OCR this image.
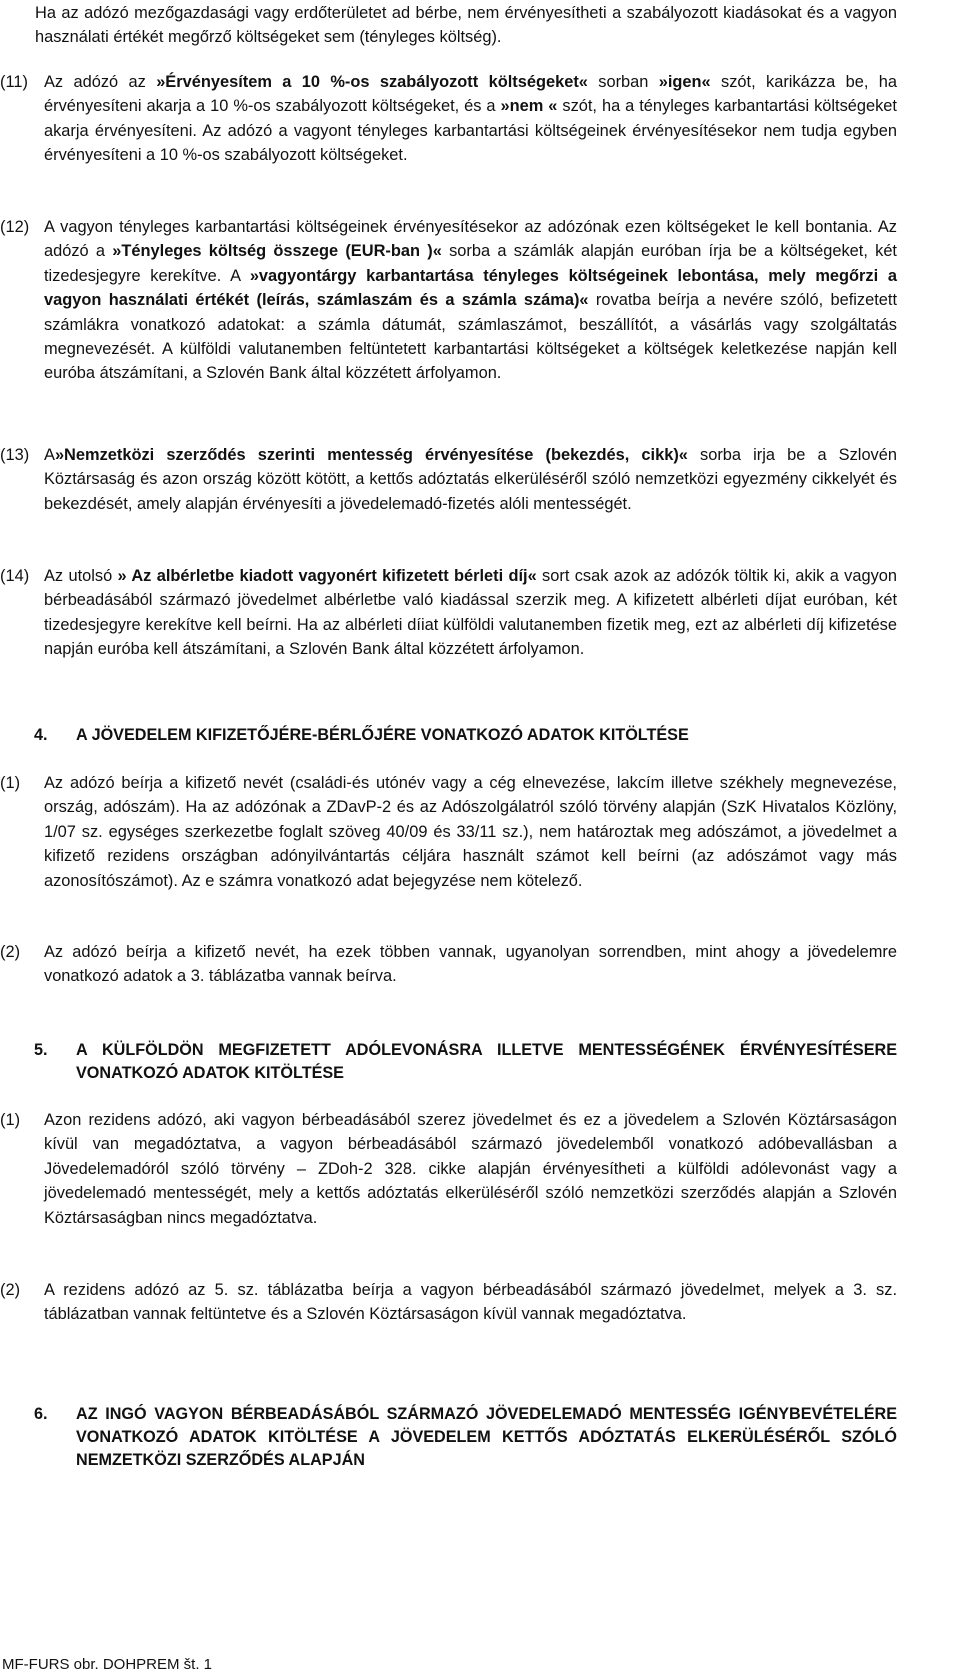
Ha az adózó mezőgazdasági vagy erdőterületet ad bérbe, nem érvényesítheti a szabályozott kiadásokat és a vagyon használati értékét megőrző költségeket sem (tényleges költség).
(11) Az adózó az »Érvényesítem a 10 %-os szabályozott költségeket« sorban »igen« szót, karikázza be, ha érvényesíteni akarja a 10 %-os szabályozott költségeket, és a »nem « szót, ha a tényleges karbantartási költségeket akarja érvényesíteni. Az adózó a vagyont tényleges karbantartási költségeinek érvényesítésekor nem tudja egyben érvényesíteni a 10 %-os szabályozott költségeket.
(12) A vagyon tényleges karbantartási költségeinek érvényesítésekor az adózónak ezen költségeket le kell bontania. Az adózó a »Tényleges költség összege (EUR-ban )« sorba a számlák alapján euróban írja be a költségeket, két tizedesjegyre kerekítve. A »vagyontárgy karbantartása tényleges költségeinek lebontása, mely megőrzi a vagyon használati értékét (leírás, számlaszám és a számla száma)« rovatba beírja a nevére szóló, befizetett számlákra vonatkozó adatokat: a számla dátumát, számlaszámot, beszállítót, a vásárlás vagy szolgáltatás megnevezését. A külföldi valutanemben feltüntetett karbantartási költségeket a költségek keletkezése napján kell euróba átszámítani, a Szlovén Bank által közzétett árfolyamon.
(13) A»Nemzetközi szerződés szerinti mentesség érvényesítése (bekezdés, cikk)« sorba irja be a Szlovén Köztársaság és azon ország között kötött, a kettős adóztatás elkerüléséről szóló nemzetközi egyezmény cikkelyét és bekezdését, amely alapján érvényesíti a jövedelemadó-fizetés alóli mentességét.
(14) Az utolsó » Az albérletbe kiadott vagyonért kifizetett bérleti díj« sort csak azok az adózók töltik ki, akik a vagyon bérbeadásából származó jövedelmet albérletbe való kiadással szerzik meg. A kifizetett albérleti díjat euróban, két tizedesjegyre kerekítve kell beírni. Ha az albérleti díiat külföldi valutanemben fizetik meg, ezt az albérleti díj kifizetése napján euróba kell átszámítani, a Szlovén Bank által közzétett árfolyamon.
4.	A JÖVEDELEM KIFIZETŐJÉRE-BÉRLŐJÉRE VONATKOZÓ ADATOK KITÖLTÉSE
(1)	Az adózó beírja a kifizető nevét (családi-és utónév vagy a cég elnevezése, lakcím illetve székhely megnevezése, ország, adószám). Ha az adózónak a ZDavP-2 és az Adószolgálatról szóló törvény alapján (SzK Hivatalos Közlöny, 1/07 sz. egységes szerkezetbe foglalt szöveg 40/09 és 33/11 sz.), nem határoztak meg adószámot, a jövedelmet a kifizető rezidens országban adónyilvántartás céljára használt számot kell beírni (az adószámot vagy más azonosítószámot). Az e számra vonatkozó adat bejegyzése nem kötelező.
(2)	Az adózó beírja a kifizető nevét, ha ezek többen vannak, ugyanolyan sorrendben, mint ahogy a jövedelemre vonatkozó adatok a 3. táblázatba vannak beírva.
5.	A KÜLFÖLDÖN MEGFIZETETT ADÓLEVONÁSRA ILLETVE MENTESSÉGÉNEK ÉRVÉNYESÍTÉSERE VONATKOZÓ ADATOK KITÖLTÉSE
(1)	Azon rezidens adózó, aki vagyon bérbeadásából szerez jövedelmet és ez a jövedelem a Szlovén Köztársaságon kívül van megadóztatva, a vagyon bérbeadásából származó jövedelemből vonatkozó adóbevallásban a Jövedelemadóról szóló törvény – ZDoh-2 328. cikke alapján érvényesítheti a külföldi adólevonást vagy a jövedelemadó mentességét, mely a kettős adóztatás elkerüléséről szóló nemzetközi szerződés alapján a Szlovén Köztársaságban nincs megadóztatva.
(2)	A rezidens adózó az 5. sz. táblázatba beírja a vagyon bérbeadásából származó jövedelmet, melyek a 3. sz. táblázatban vannak feltüntetve és a Szlovén Köztársaságon kívül vannak megadóztatva.
6.	AZ INGÓ VAGYON BÉRBEADÁSÁBÓL SZÁRMAZÓ JÖVEDELEMADÓ MENTESSÉG IGÉNYBEVÉTELÉRE VONATKOZÓ ADATOK KITÖLTÉSE A JÖVEDELEM KETTŐS ADÓZTATÁS ELKERÜLÉSÉRŐL SZÓLÓ NEMZETKÖZI SZERZŐDÉS ALAPJÁN
MF-FURS obr. DOHPREM št. 1
